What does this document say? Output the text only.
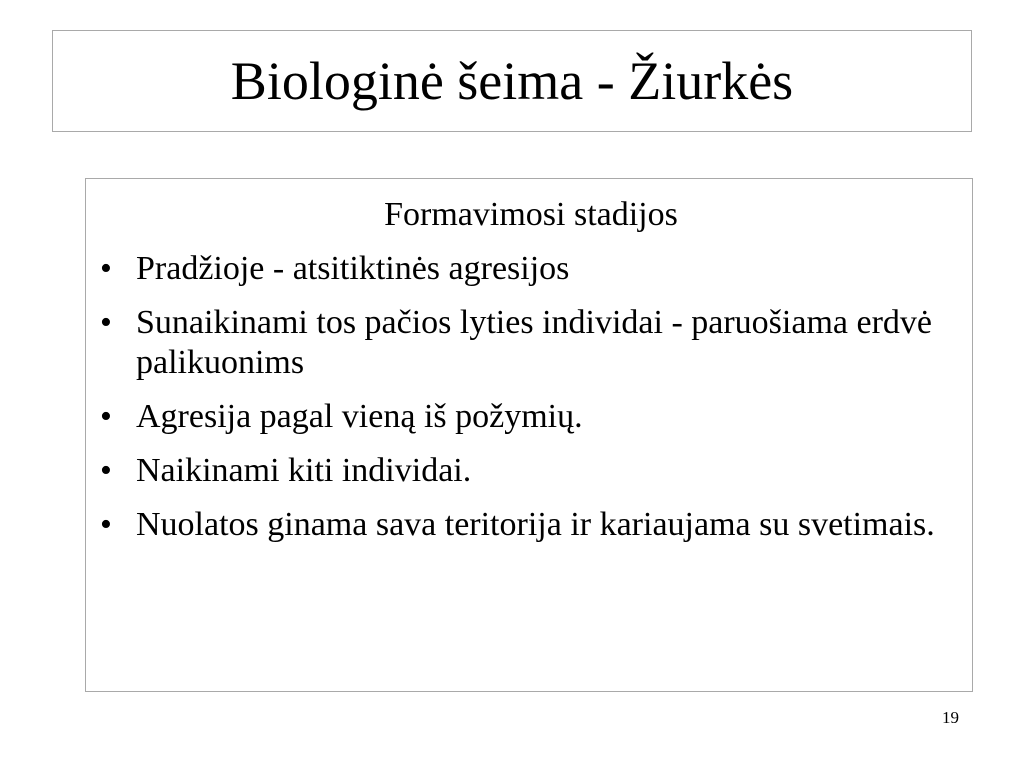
Biologinė šeima - Žiurkės

Formavimosi stadijos

• Pradžioje - atsitiktinės agresijos
• Sunaikinami tos pačios lyties individai - paruošiama erdvė palikuonims
• Agresija pagal vieną iš požymių.
• Naikinami kiti individai.
• Nuolatos ginama sava teritorija ir kariaujama su svetimais.
19
